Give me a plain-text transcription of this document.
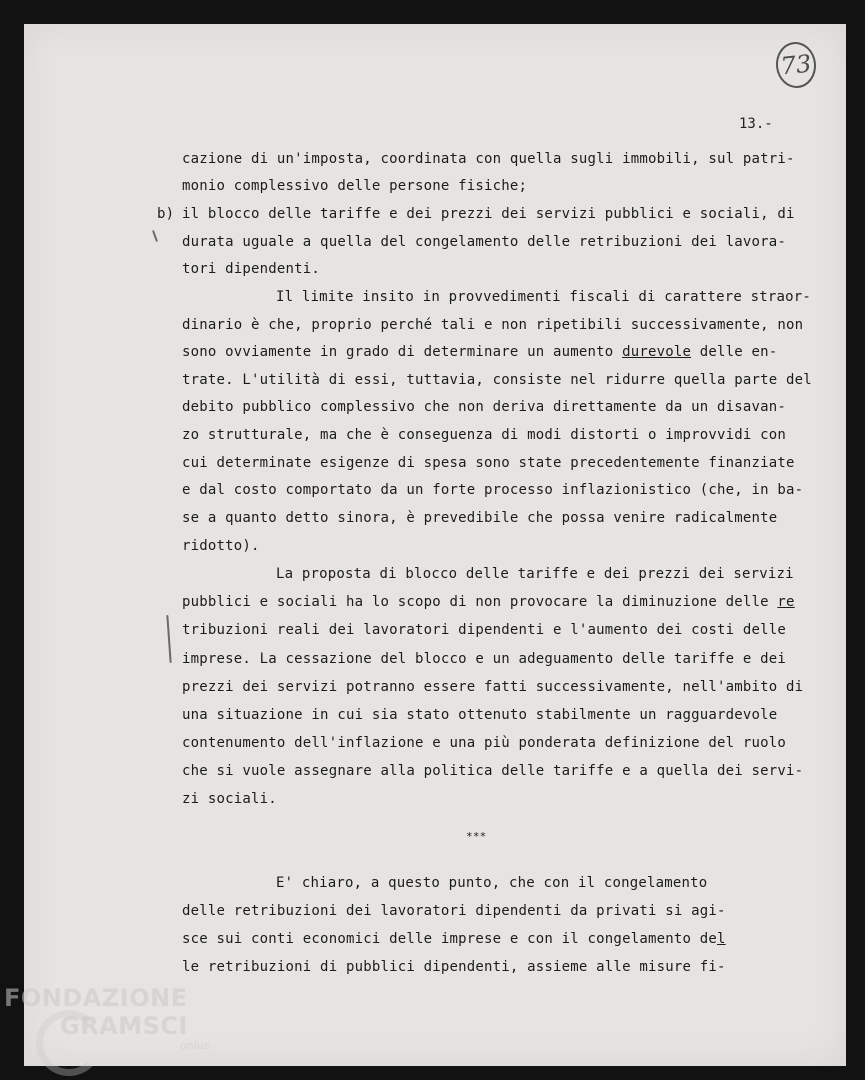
73
13.-
cazione di un'imposta, coordinata con quella sugli immobili, sul patri-
monio complessivo delle persone fisiche;
b) il blocco delle tariffe e dei prezzi dei servizi pubblici e sociali, di
durata uguale a quella del congelamento delle retribuzioni dei lavora-
tori dipendenti.
Il limite insito in provvedimenti fiscali di carattere straor-
dinario è che, proprio perché tali e non ripetibili successivamente, non
sono ovviamente in grado di determinare un aumento durevole delle en-
trate. L'utilità di essi, tuttavia, consiste nel ridurre quella parte del
debito pubblico complessivo che non deriva direttamente da un disavan-
zo strutturale, ma che è conseguenza di modi distorti o improvvidi con
cui determinate esigenze di spesa sono state precedentemente finanziate
e dal costo comportato da un forte processo inflazionistico (che, in ba-
se a quanto detto sinora, è prevedibile che possa venire radicalmente
ridotto).
La proposta di blocco delle tariffe e dei prezzi dei servizi
pubblici e sociali ha lo scopo di non provocare la diminuzione delle re
tribuzioni reali dei lavoratori dipendenti e l'aumento dei costi delle
imprese. La cessazione del blocco e un adeguamento delle tariffe e dei
prezzi dei servizi potranno essere fatti successivamente, nell'ambito di
una situazione in cui sia stato ottenuto stabilmente un ragguardevole
contenumento dell'inflazione e una più ponderata definizione del ruolo
che si vuole assegnare alla politica delle tariffe e a quella dei servi-
zi sociali.
***
E' chiaro, a questo punto, che con il congelamento
delle retribuzioni dei lavoratori dipendenti da privati si agi-
sce sui conti economici delle imprese e con il congelamento del
le retribuzioni di pubblici dipendenti, assieme alle misure fi-
FONDAZIONE
GRAMSCI
onlus
